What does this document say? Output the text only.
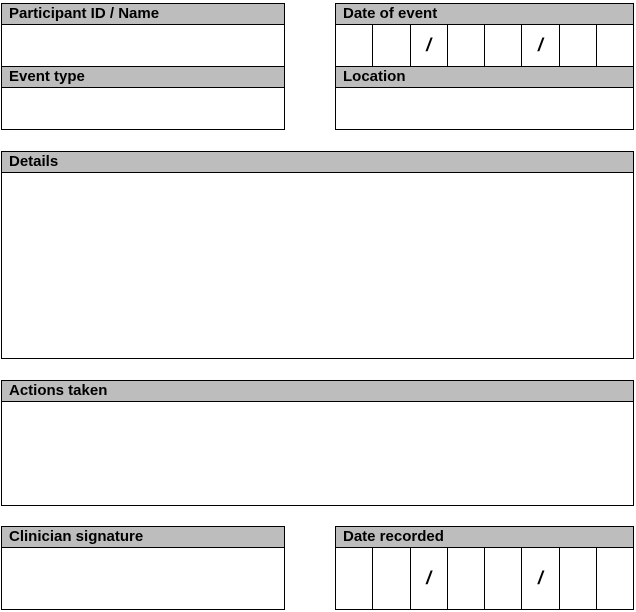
Participant ID / Name	Date of event
/	/
Event type	Location
Details
Actions taken
Clinician signature	Date recorded
/	/
